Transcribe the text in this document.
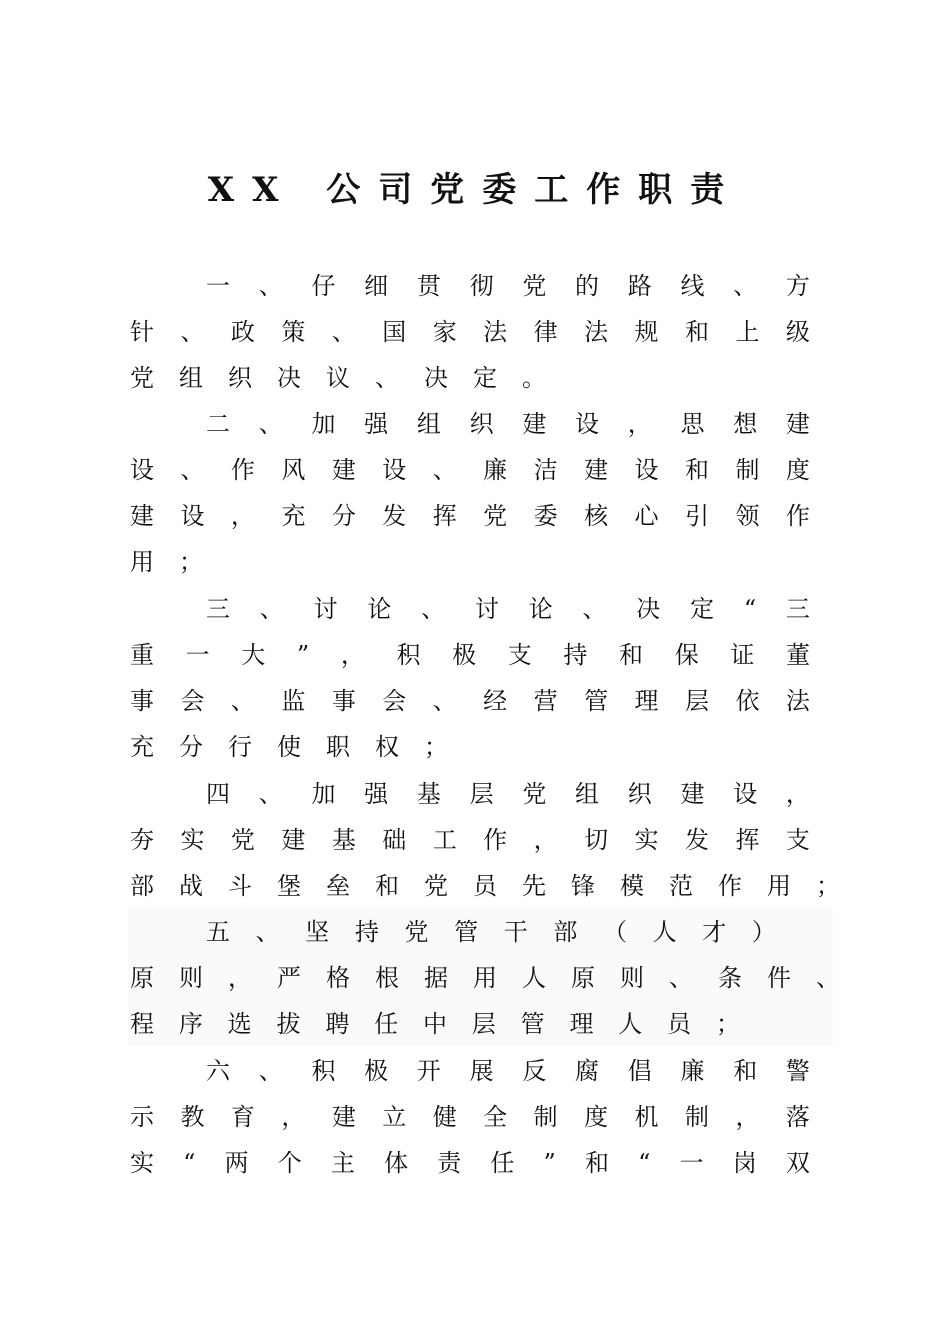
XX 公司党委工作职责
一 、 仔 细 贯 彻 党 的 路 线 、 方
针 、 政 策 、 国 家 法 律 法 规 和 上 级
党 组 织 决 议 、 决 定 。
二 、 加 强 组 织 建 设 ， 思 想 建
设 、 作 风 建 设 、 廉 洁 建 设 和 制 度
建 设 ， 充 分 发 挥 党 委 核 心 引 领 作
用 ；
三 、 讨 论 、 讨 论 、 决 定 “ 三
重 一 大 ” ， 积 极 支 持 和 保 证 董
事 会 、 监 事 会 、 经 营 管 理 层 依 法
充 分 行 使 职 权 ；
四 、 加 强 基 层 党 组 织 建 设 ，
夯 实 党 建 基 础 工 作 ， 切 实 发 挥 支
部 战 斗 堡 垒 和 党 员 先 锋 模 范 作 用 ；
五 、 坚 持 党 管 干 部 （ 人 才 ）
原 则 ， 严 格 根 据 用 人 原 则 、 条 件 、
程 序 选 拔 聘 任 中 层 管 理 人 员 ；
六 、 积 极 开 展 反 腐 倡 廉 和 警
示 教 育 ， 建 立 健 全 制 度 机 制 ， 落
实 “ 两 个 主 体 责 任 ” 和 “ 一 岗 双
